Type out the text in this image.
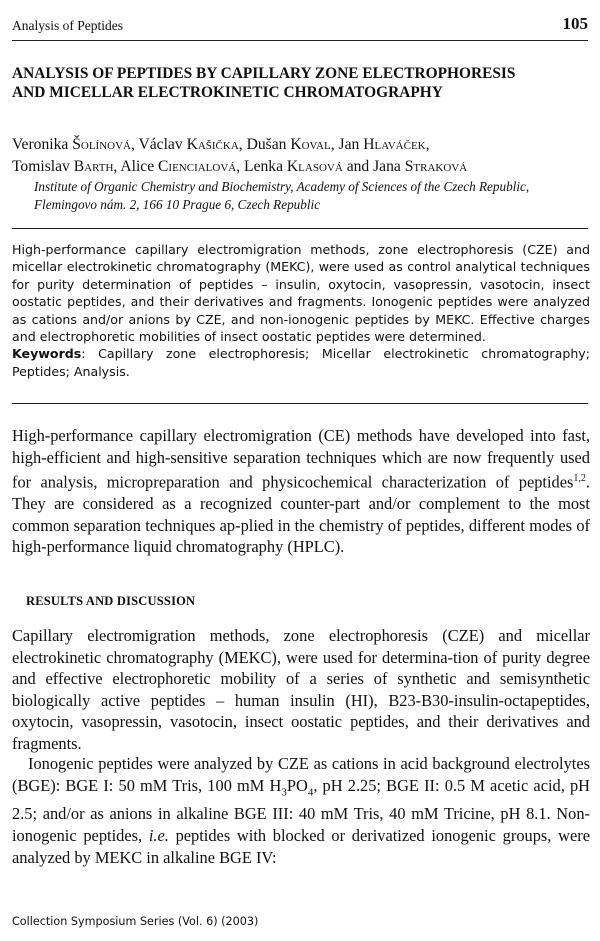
Analysis of Peptides	105
ANALYSIS OF PEPTIDES BY CAPILLARY ZONE ELECTROPHORESIS
AND MICELLAR ELECTROKINETIC CHROMATOGRAPHY

Veronika Šolínová, Václav Kašička, Dušan Koval, Jan Hlaváček,
Tomislav Barth, Alice Ciencialová, Lenka Klasová and Jana Straková

Institute of Organic Chemistry and Biochemistry, Academy of Sciences of the Czech Republic,
Flemingovo nám. 2, 166 10 Prague 6, Czech Republic

High-performance capillary electromigration methods, zone electrophoresis (CZE) and micellar electrokinetic chromatography (MEKC), were used as control analytical techniques for purity determination of peptides – insulin, oxytocin, vasopressin, vasotocin, insect oostatic peptides, and their derivatives and fragments. Ionogenic peptides were analyzed as cations and/or anions by CZE, and non-ionogenic peptides by MEKC. Effective charges and electrophoretic mobilities of insect oostatic peptides were determined.
Keywords: Capillary zone electrophoresis; Micellar electrokinetic chromatography; Peptides; Analysis.

High-performance capillary electromigration (CE) methods have developed into fast, high-efficient and high-sensitive separation techniques which are now frequently used for analysis, micropreparation and physicochemical characterization of peptides$^{1,2}$. They are considered as a recognized counter-part and/or complement to the most common separation techniques ap-plied in the chemistry of peptides, different modes of high-performance liquid chromatography (HPLC).

RESULTS AND DISCUSSION

Capillary electromigration methods, zone electrophoresis (CZE) and micellar electrokinetic chromatography (MEKC), were used for determina-tion of purity degree and effective electrophoretic mobility of a series of synthetic and semisynthetic biologically active peptides – human insulin (HI), B23-B30-insulin-octapeptides, oxytocin, vasopressin, vasotocin, insect oostatic peptides, and their derivatives and fragments.

Ionogenic peptides were analyzed by CZE as cations in acid background electrolytes (BGE): BGE I: 50 mM Tris, 100 mM $H_3PO_4$, pH 2.25; BGE II: 0.5 M acetic acid, pH 2.5; and/or as anions in alkaline BGE III: 40 mM Tris, 40 mM Tricine, pH 8.1. Non-ionogenic peptides, i.e. peptides with blocked or derivatized ionogenic groups, were analyzed by MEKC in alkaline BGE IV:

Collection Symposium Series (Vol. 6) (2003)
